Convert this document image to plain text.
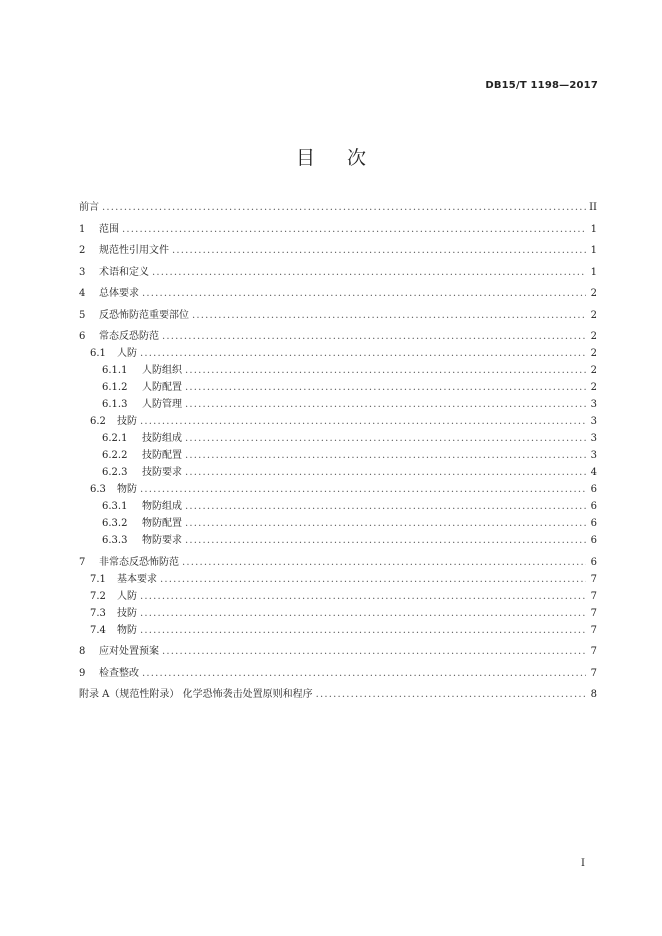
DB15/T 1198—2017
目次
前言 .....	II
1	范围 .....	1
2	规范性引用文件 .....	1
3	术语和定义 .....	1
4	总体要求 .....	2
5	反恐怖防范重要部位 .....	2
6	常态反恐防范 .....	2
6.1	人防 .....	2
6.1.1	人防组织 .....	2
6.1.2	人防配置 .....	2
6.1.3	人防管理 .....	3
6.2	技防 .....	3
6.2.1	技防组成 .....	3
6.2.2	技防配置 .....	3
6.2.3	技防要求 .....	4
6.3	物防 .....	6
6.3.1	物防组成 .....	6
6.3.2	物防配置 .....	6
6.3.3	物防要求 .....	6
7	非常态反恐怖防范 .....	6
7.1	基本要求 .....	7
7.2	人防 .....	7
7.3	技防 .....	7
7.4	物防 .....	7
8	应对处置预案 .....	7
9	检查整改 .....	7
附录 A（规范性附录） 化学恐怖袭击处置原则和程序 .....	8
I
